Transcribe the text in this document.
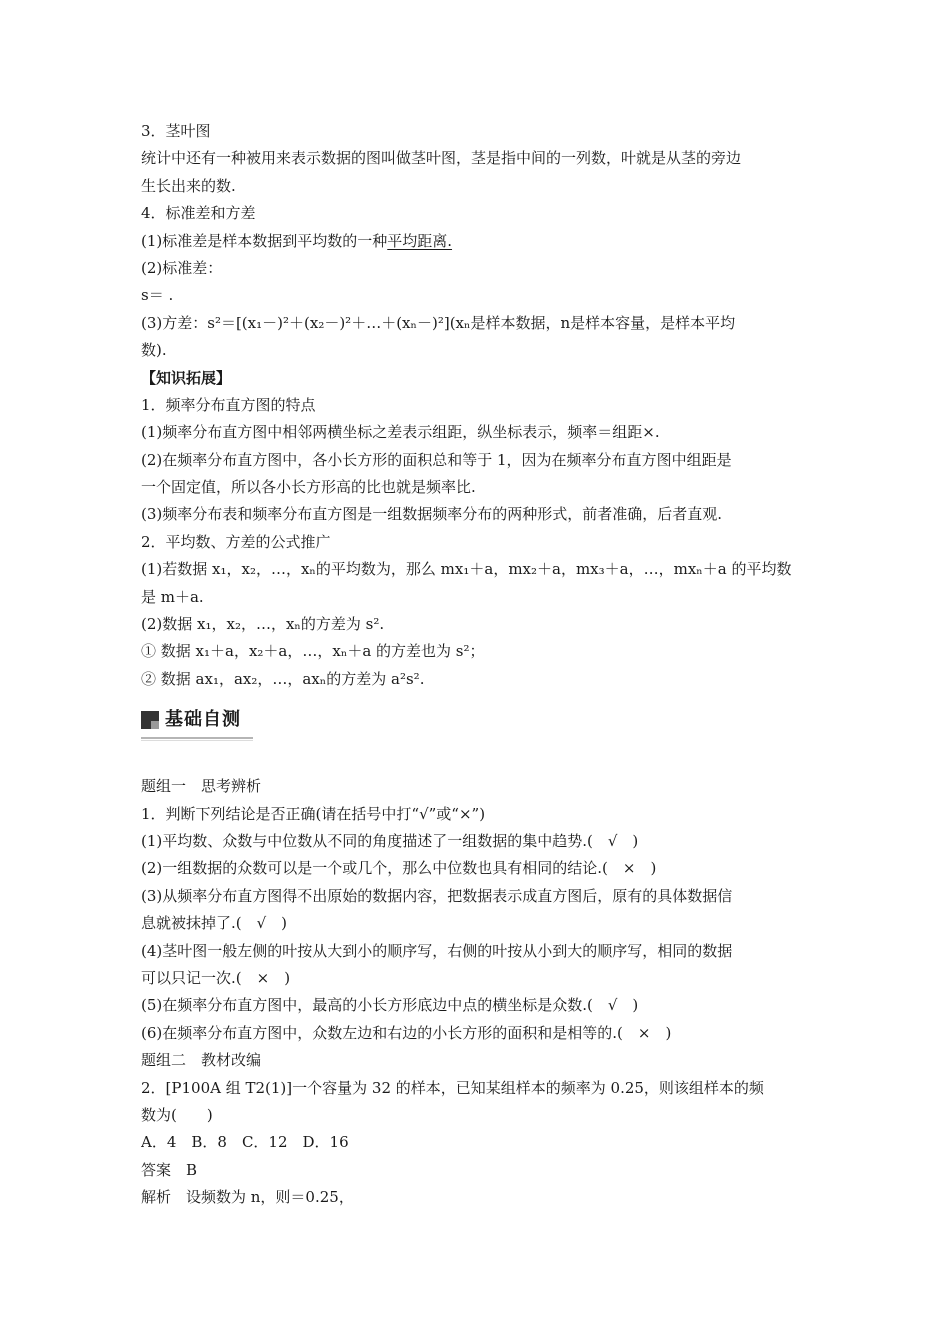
3．茎叶图
统计中还有一种被用来表示数据的图叫做茎叶图，茎是指中间的一列数，叶就是从茎的旁边
生长出来的数.
4．标准差和方差
(1)标准差是样本数据到平均数的一种平均距离.
(2)标准差：
s＝ .
(3)方差：s²＝[(x₁－)²＋(x₂－)²＋…＋(xₙ－)²](xₙ是样本数据，n是样本容量，是样本平均
数).
【知识拓展】
1．频率分布直方图的特点
(1)频率分布直方图中相邻两横坐标之差表示组距，纵坐标表示，频率＝组距×.
(2)在频率分布直方图中，各小长方形的面积总和等于 1，因为在频率分布直方图中组距是
一个固定值，所以各小长方形高的比也就是频率比.
(3)频率分布表和频率分布直方图是一组数据频率分布的两种形式，前者准确，后者直观.
2．平均数、方差的公式推广
(1)若数据 x₁，x₂，…，xₙ的平均数为，那么 mx₁＋a，mx₂＋a，mx₃＋a，…，mxₙ＋a 的平均数
是 m＋a.
(2)数据 x₁，x₂，…，xₙ的方差为 s².
① 数据 x₁＋a，x₂＋a，…，xₙ＋a 的方差也为 s²；
② 数据 ax₁，ax₂，…，axₙ的方差为 a²s².
基础自测
题组一　思考辨析
1．判断下列结论是否正确(请在括号中打“√”或“×”)
(1)平均数、众数与中位数从不同的角度描述了一组数据的集中趋势.(　√　)
(2)一组数据的众数可以是一个或几个，那么中位数也具有相同的结论.(　×　)
(3)从频率分布直方图得不出原始的数据内容，把数据表示成直方图后，原有的具体数据信
息就被抹掉了.(　√　)
(4)茎叶图一般左侧的叶按从大到小的顺序写，右侧的叶按从小到大的顺序写，相同的数据
可以只记一次.(　×　)
(5)在频率分布直方图中，最高的小长方形底边中点的横坐标是众数.(　√　)
(6)在频率分布直方图中，众数左边和右边的小长方形的面积和是相等的.(　×　)
题组二　教材改编
2．[P100A 组 T2(1)]一个容量为 32 的样本，已知某组样本的频率为 0.25，则该组样本的频
数为(　　)
A．4　B．8　C．12　D．16
答案　B
解析　设频数为 n，则＝0.25，
